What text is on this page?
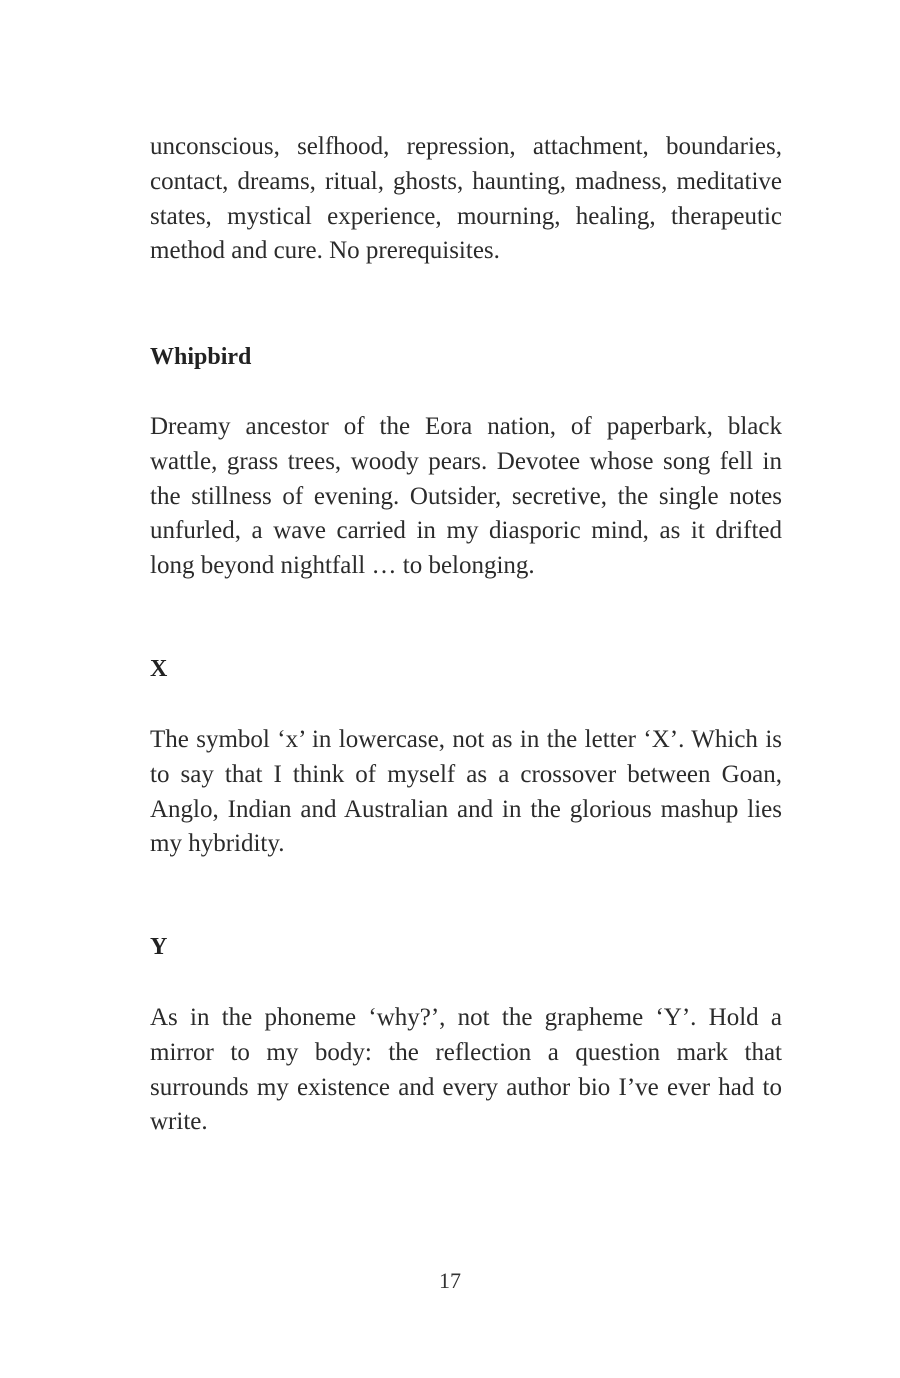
unconscious, selfhood, repression, attachment, boundaries, contact, dreams, ritual, ghosts, haunting, madness, meditative states, mystical experience, mourning, healing, therapeutic method and cure. No prerequisites.

Whipbird

Dreamy ancestor of the Eora nation, of paperbark, black wattle, grass trees, woody pears. Devotee whose song fell in the stillness of evening. Outsider, secretive, the single notes unfurled, a wave carried in my diasporic mind, as it drifted long beyond nightfall … to belonging.

X

The symbol ‘x’ in lowercase, not as in the letter ‘X’. Which is to say that I think of myself as a crossover between Goan, Anglo, Indian and Australian and in the glorious mashup lies my hybridity.

Y

As in the phoneme ‘why?’, not the grapheme ‘Y’. Hold a mirror to my body: the reflection a question mark that surrounds my existence and every author bio I’ve ever had to write.

17
